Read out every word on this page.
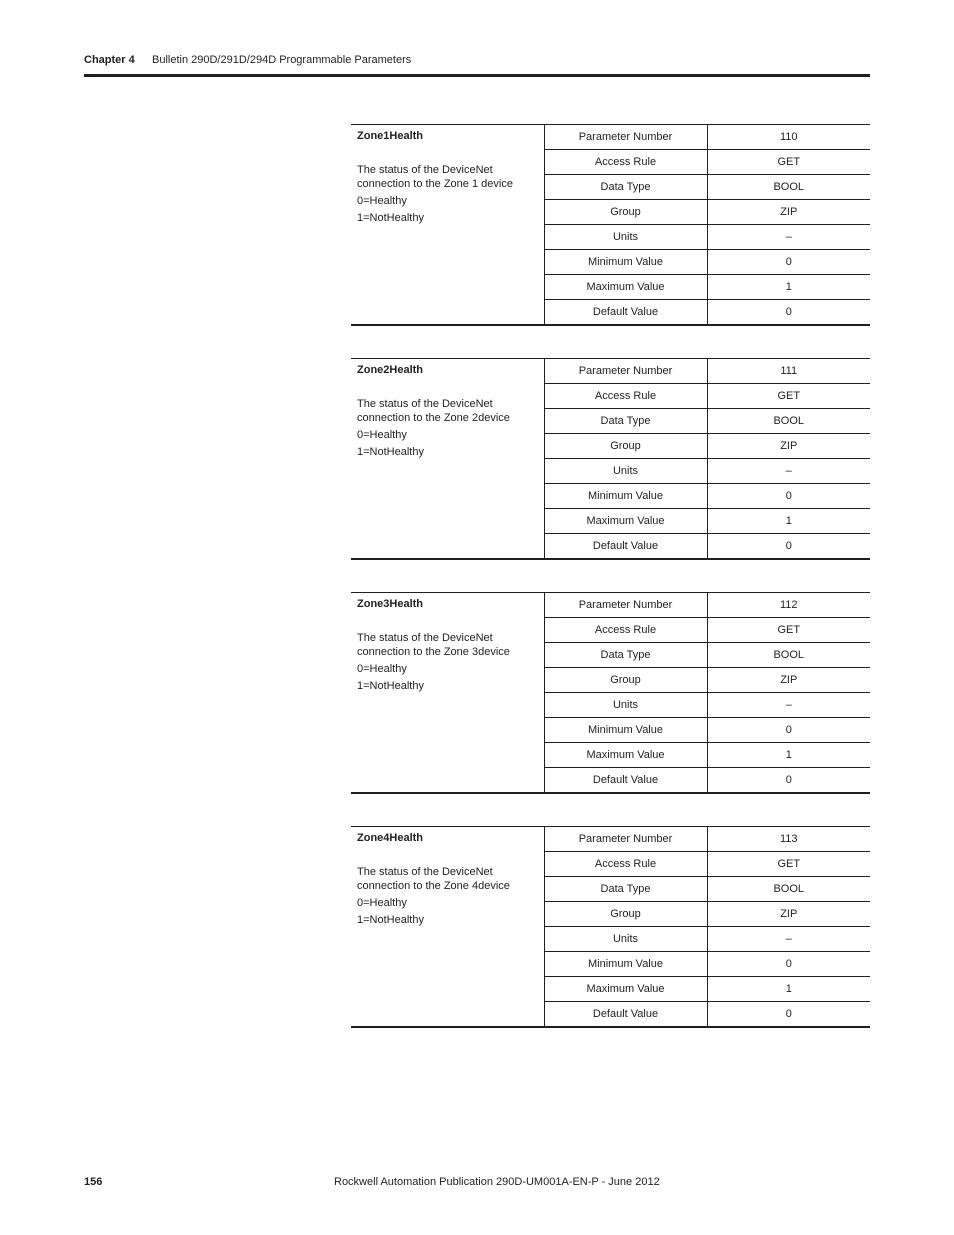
Chapter 4 Bulletin 290D/291D/294D Programmable Parameters
Zone1Health
The status of the DeviceNet connection to the Zone 1 device
0=Healthy
1=NotHealthy	Parameter Number	110
	Access Rule	GET
	Data Type	BOOL
	Group	ZIP
	Units	–
	Minimum Value	0
	Maximum Value	1
	Default Value	0
Zone2Health
The status of the DeviceNet connection to the Zone 2device
0=Healthy
1=NotHealthy	Parameter Number	111
	Access Rule	GET
	Data Type	BOOL
	Group	ZIP
	Units	–
	Minimum Value	0
	Maximum Value	1
	Default Value	0
Zone3Health
The status of the DeviceNet connection to the Zone 3device
0=Healthy
1=NotHealthy	Parameter Number	112
	Access Rule	GET
	Data Type	BOOL
	Group	ZIP
	Units	–
	Minimum Value	0
	Maximum Value	1
	Default Value	0
Zone4Health
The status of the DeviceNet connection to the Zone 4device
0=Healthy
1=NotHealthy	Parameter Number	113
	Access Rule	GET
	Data Type	BOOL
	Group	ZIP
	Units	–
	Minimum Value	0
	Maximum Value	1
	Default Value	0
156	Rockwell Automation Publication 290D-UM001A-EN-P - June 2012
